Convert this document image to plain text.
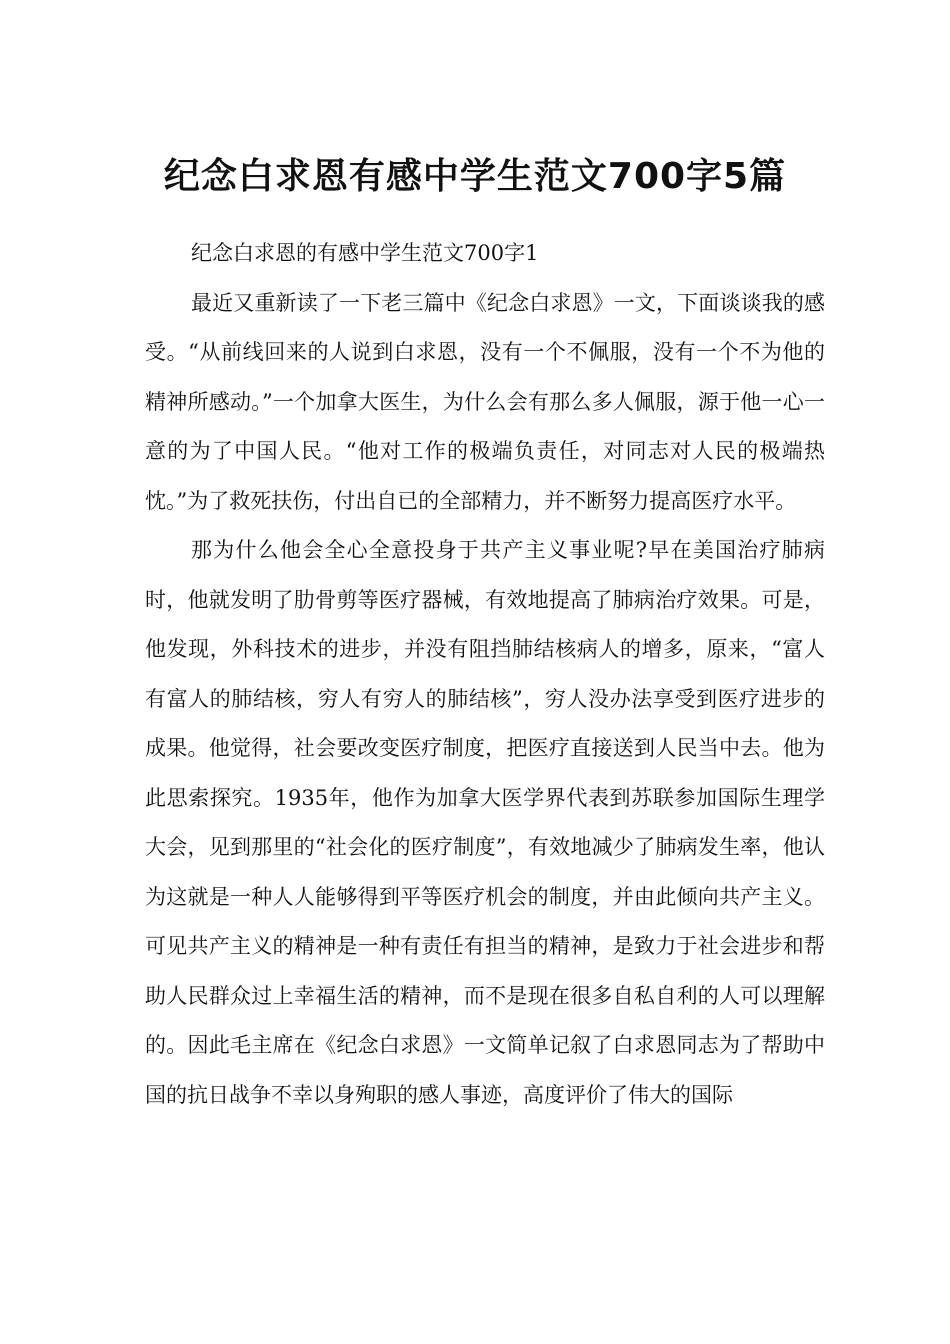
纪念白求恩有感中学生范文700字5篇

纪念白求恩的有感中学生范文700字1

最近又重新读了一下老三篇中《纪念白求恩》一文，下面谈谈我的感受。“从前线回来的人说到白求恩，没有一个不佩服，没有一个不为他的精神所感动。”一个加拿大医生，为什么会有那么多人佩服，源于他一心一意的为了中国人民。“他对工作的极端负责任，对同志对人民的极端热忱。”为了救死扶伤，付出自已的全部精力，并不断努力提高医疗水平。

那为什么他会全心全意投身于共产主义事业呢?早在美国治疗肺病时，他就发明了肋骨剪等医疗器械，有效地提高了肺病治疗效果。可是，他发现，外科技术的进步，并没有阻挡肺结核病人的增多，原来，“富人有富人的肺结核，穷人有穷人的肺结核”，穷人没办法享受到医疗进步的成果。他觉得，社会要改变医疗制度，把医疗直接送到人民当中去。他为此思索探究。1935年，他作为加拿大医学界代表到苏联参加国际生理学大会，见到那里的“社会化的医疗制度”，有效地减少了肺病发生率，他认为这就是一种人人能够得到平等医疗机会的制度，并由此倾向共产主义。可见共产主义的精神是一种有责任有担当的精神，是致力于社会进步和帮助人民群众过上幸福生活的精神，而不是现在很多自私自利的人可以理解的。因此毛主席在《纪念白求恩》一文简单记叙了白求恩同志为了帮助中国的抗日战争不幸以身殉职的感人事迹，高度评价了伟大的国际
